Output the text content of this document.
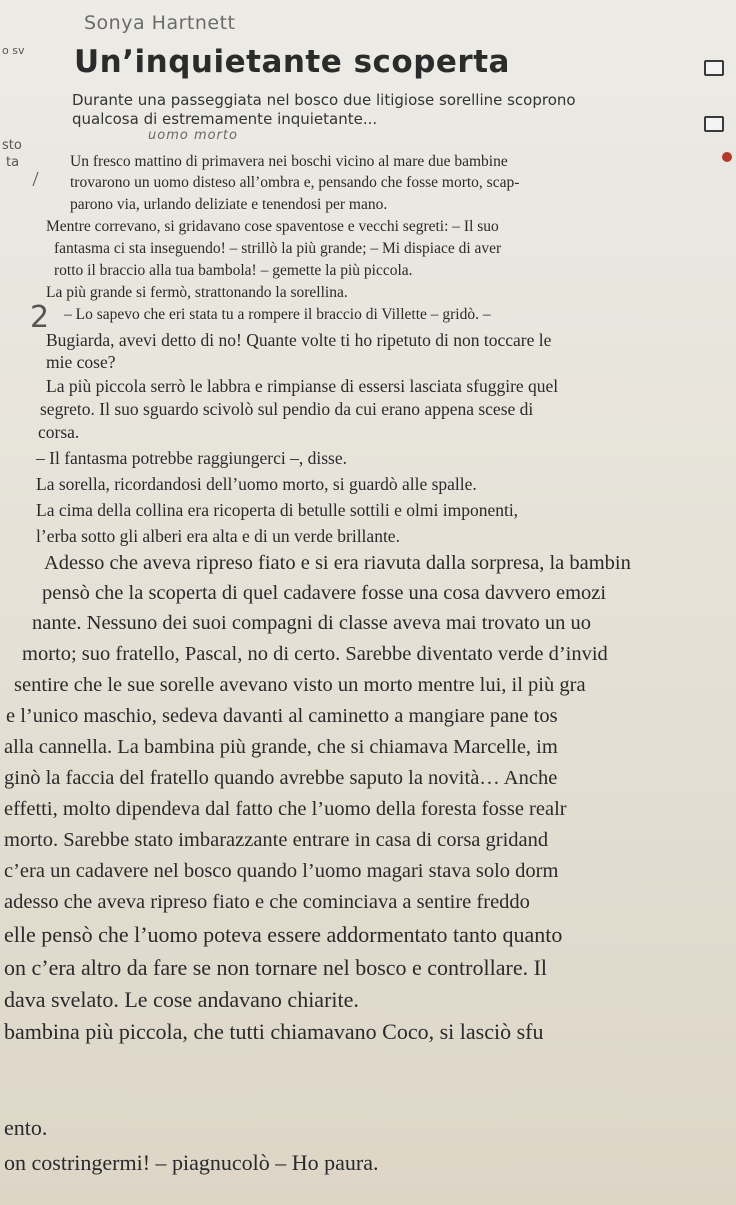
Sonya Hartnett
Un’inquietante scoperta
Durante una passeggiata nel bosco due litigiose sorelline scoprono
qualcosa di estremamente inquietante...
uomo morto
o sv
sto
ta
2
Un fresco mattino di primavera nei boschi vicino al mare due bambine
trovarono un uomo disteso all’ombra e, pensando che fosse morto, scap-
parono via, urlando deliziate e tenendosi per mano.
Mentre correvano, si gridavano cose spaventose e vecchi segreti: – Il suo
fantasma ci sta inseguendo! – strillò la più grande; – Mi dispiace di aver
rotto il braccio alla tua bambola! – gemette la più piccola.
La più grande si fermò, strattonando la sorellina.
– Lo sapevo che eri stata tu a rompere il braccio di Villette – gridò. –
Bugiarda, avevi detto di no! Quante volte ti ho ripetuto di non toccare le
mie cose?
La più piccola serrò le labbra e rimpianse di essersi lasciata sfuggire quel
segreto. Il suo sguardo scivolò sul pendio da cui erano appena scese di
corsa.
– Il fantasma potrebbe raggiungerci –, disse.
La sorella, ricordandosi dell’uomo morto, si guardò alle spalle.
La cima della collina era ricoperta di betulle sottili e olmi imponenti,
l’erba sotto gli alberi era alta e di un verde brillante.
Adesso che aveva ripreso fiato e si era riavuta dalla sorpresa, la bambin
pensò che la scoperta di quel cadavere fosse una cosa davvero emozi
nante. Nessuno dei suoi compagni di classe aveva mai trovato un uo
morto; suo fratello, Pascal, no di certo. Sarebbe diventato verde d’invid
sentire che le sue sorelle avevano visto un morto mentre lui, il più gra
e l’unico maschio, sedeva davanti al caminetto a mangiare pane tos
alla cannella. La bambina più grande, che si chiamava Marcelle, im
ginò la faccia del fratello quando avrebbe saputo la novità… Anche
effetti, molto dipendeva dal fatto che l’uomo della foresta fosse realr
morto. Sarebbe stato imbarazzante entrare in casa di corsa gridand
c’era un cadavere nel bosco quando l’uomo magari stava solo dorm
adesso che aveva ripreso fiato e che cominciava a sentire freddo
elle pensò che l’uomo poteva essere addormentato tanto quanto
on c’era altro da fare se non tornare nel bosco e controllare. Il
dava svelato. Le cose andavano chiarite.
bambina più piccola, che tutti chiamavano Coco, si lasciò sfu
ento.
on costringermi! – piagnucolò – Ho paura.
